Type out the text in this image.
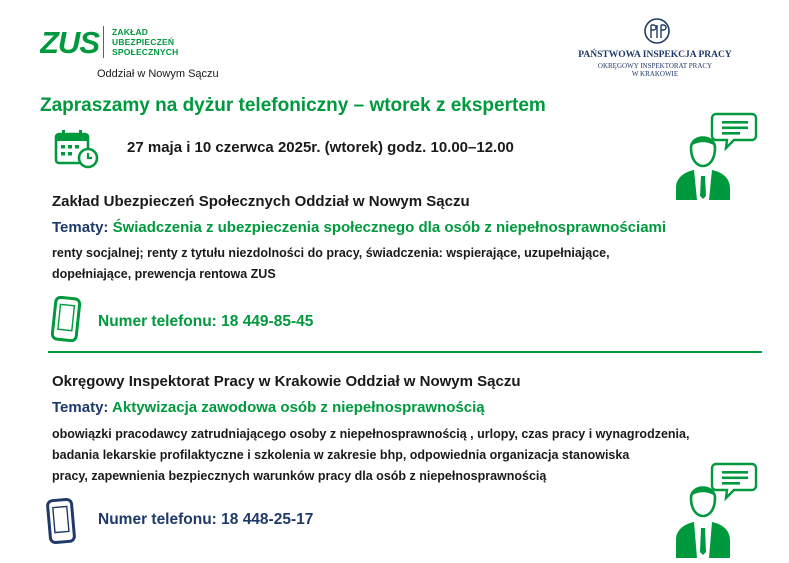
ZUS ZAKŁAD
UBEZPIECZEŃ
SPOŁECZNYCH
Oddział w Nowym Sączu
PAŃSTWOWA INSPEKCJA PRACY
OKRĘGOWY INSPEKTORAT PRACY
W KRAKOWIE
Zapraszamy na dyżur telefoniczny – wtorek z ekspertem
27 maja i 10 czerwca 2025r. (wtorek) godz. 10.00–12.00
Zakład Ubezpieczeń Społecznych Oddział w Nowym Sączu
Tematy: Świadczenia z ubezpieczenia społecznego dla osób z niepełnosprawnościami
renty socjalnej; renty z tytułu niezdolności do pracy, świadczenia: wspierające, uzupełniające,
dopełniające, prewencja rentowa ZUS
Numer telefonu: 18 449-85-45
Okręgowy Inspektorat Pracy w Krakowie Oddział w Nowym Sączu
Tematy: Aktywizacja zawodowa osób z niepełnosprawnością
obowiązki pracodawcy zatrudniającego osoby z niepełnosprawnością , urlopy, czas pracy i wynagrodzenia,
badania lekarskie profilaktyczne i szkolenia w zakresie bhp, odpowiednia organizacja stanowiska
pracy, zapewnienia bezpiecznych warunków pracy dla osób z niepełnosprawnością
Numer telefonu: 18 448-25-17
